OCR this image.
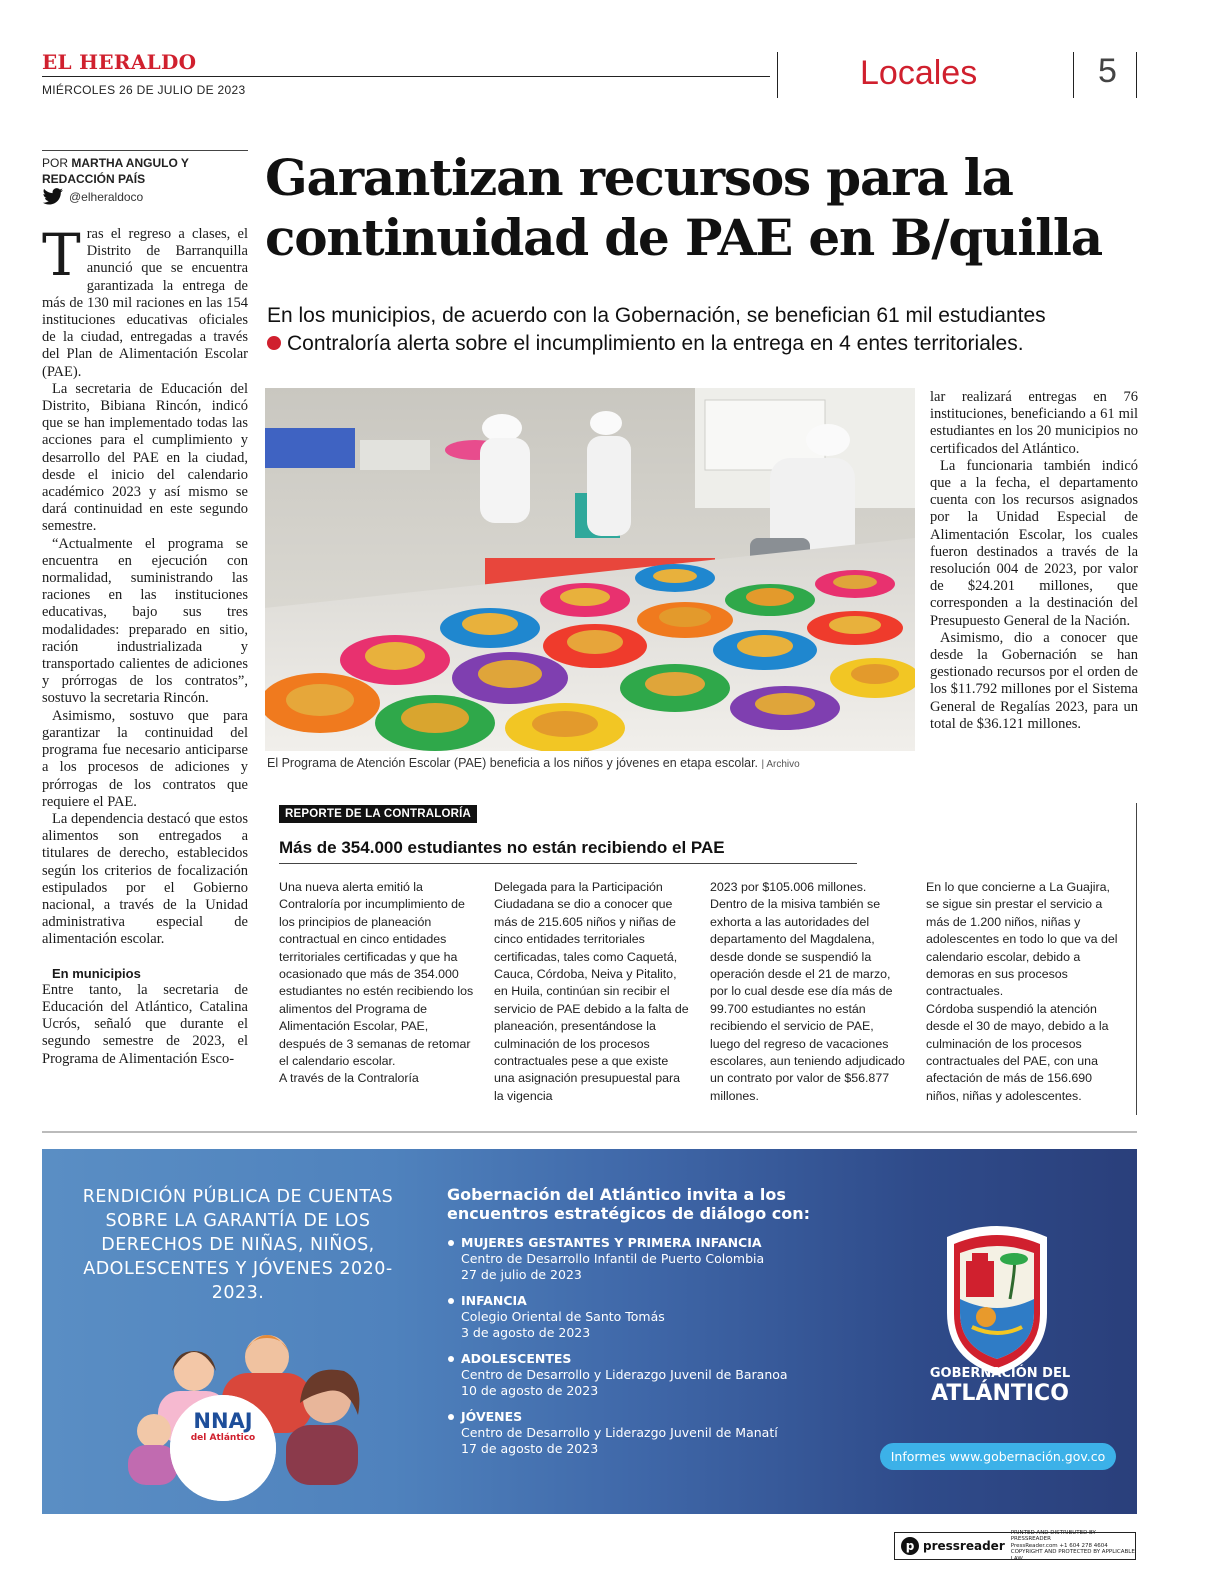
EL HERALDO
MIÉRCOLES 26 DE JULIO DE 2023	Locales	5
POR MARTHA ANGULO Y
REDACCIÓN PAÍS
@elheraldoco Garantizan recursos para la continuidad de PAE en B/quilla
En los municipios, de acuerdo con la Gobernación, se benefician 61 mil estudiantes
Contraloría alerta sobre el incumplimiento en la entrega en 4 entes territoriales.

Tras el regreso a clases, el Distrito de Barranquilla anunció que se encuentra garantizada la entrega de más de 130 mil raciones en las 154 instituciones educativas oficiales de la ciudad, entregadas a través del Plan de Alimentación Escolar (PAE).

La secretaria de Educación del Distrito, Bibiana Rincón, indicó que se han implementado todas las acciones para el cumplimiento y desarrollo del PAE en la ciudad, desde el inicio del calendario académico 2023 y así mismo se dará continuidad en este segundo semestre.

“Actualmente el programa se encuentra en ejecución con normalidad, suministrando las raciones en las instituciones educativas, bajo sus tres modalidades: preparado en sitio, ración industrializada y transportado calientes de adiciones y prórrogas de los contratos”, sostuvo la secretaria Rincón.

Asimismo, sostuvo que para garantizar la continuidad del programa fue necesario anticiparse a los procesos de adiciones y prórrogas de los contratos que requiere el PAE.

La dependencia destacó que estos alimentos son entregados a titulares de derecho, establecidos según los criterios de focalización estipulados por el Gobierno nacional, a través de la Unidad administrativa especial de alimentación escolar.

En municipios

Entre tanto, la secretaria de Educación del Atlántico, Catalina Ucrós, señaló que durante el segundo semestre de 2023, el Programa de Alimentación Esco-

El Programa de Atención Escolar (PAE) beneficia a los niños y jóvenes en etapa escolar. | Archivo

lar realizará entregas en 76 instituciones, beneficiando a 61 mil estudiantes en los 20 municipios no certificados del Atlántico.

La funcionaria también indicó que a la fecha, el departamento cuenta con los recursos asignados por la Unidad Especial de Alimentación Escolar, los cuales fueron destinados a través de la resolución 004 de 2023, por valor de $24.201 millones, que corresponden a la destinación del Presupuesto General de la Nación.

Asimismo, dio a conocer que desde la Gobernación se han gestionado recursos por el orden de los $11.792 millones por el Sistema General de Regalías 2023, para un total de $36.121 millones.

REPORTE DE LA CONTRALORÍA
Más de 354.000 estudiantes no están recibiendo el PAE
Una nueva alerta emitió la Contraloría por incumplimiento de los principios de planeación contractual en cinco entidades territoriales certificadas y que ha ocasionado que más de 354.000 estudiantes no estén recibiendo los alimentos del Programa de Alimentación Escolar, PAE, después de 3 semanas de retomar el calendario escolar.
A través de la Contraloría
Delegada para la Participación Ciudadana se dio a conocer que más de 215.605 niños y niñas de cinco entidades territoriales certificadas, tales como Caquetá, Cauca, Córdoba, Neiva y Pitalito, en Huila, continúan sin recibir el servicio de PAE debido a la falta de planeación, presentándose la culminación de los procesos contractuales pese a que existe una asignación presupuestal para la vigencia
2023 por $105.006 millones. Dentro de la misiva también se exhorta a las autoridades del departamento del Magdalena, desde donde se suspendió la operación desde el 21 de marzo, por lo cual desde ese día más de 99.700 estudiantes no están recibiendo el servicio de PAE, luego del regreso de vacaciones escolares, aun teniendo adjudicado un contrato por valor de $56.877 millones.
En lo que concierne a La Guajira, se sigue sin prestar el servicio a más de 1.200 niños, niñas y adolescentes en todo lo que va del calendario escolar, debido a demoras en sus procesos contractuales.
Córdoba suspendió la atención desde el 30 de mayo, debido a la culminación de los procesos contractuales del PAE, con una afectación de más de 156.690 niños, niñas y adolescentes.
RENDICIÓN PÚBLICA DE CUENTAS SOBRE LA GARANTÍA DE LOS DERECHOS DE NIÑAS, NIÑOS, ADOLESCENTES Y JÓVENES 2020-2023.
NNAJ
del Atlántico
Gobernación del Atlántico invita a los encuentros estratégicos de diálogo con:
MUJERES GESTANTES Y PRIMERA INFANCIA
Centro de Desarrollo Infantil de Puerto Colombia
27 de julio de 2023
INFANCIA
Colegio Oriental de Santo Tomás
3 de agosto de 2023
ADOLESCENTES
Centro de Desarrollo y Liderazgo Juvenil de Baranoa
10 de agosto de 2023
JÓVENES
Centro de Desarrollo y Liderazgo Juvenil de Manatí
17 de agosto de 2023
GOBERNACIÓN DEL
ATLÁNTICO
Informes www.gobernación.gov.co
p pressreader
PRINTED AND DISTRIBUTED BY PRESSREADER
PressReader.com +1 604 278 4604
COPYRIGHT AND PROTECTED BY APPLICABLE LAW
